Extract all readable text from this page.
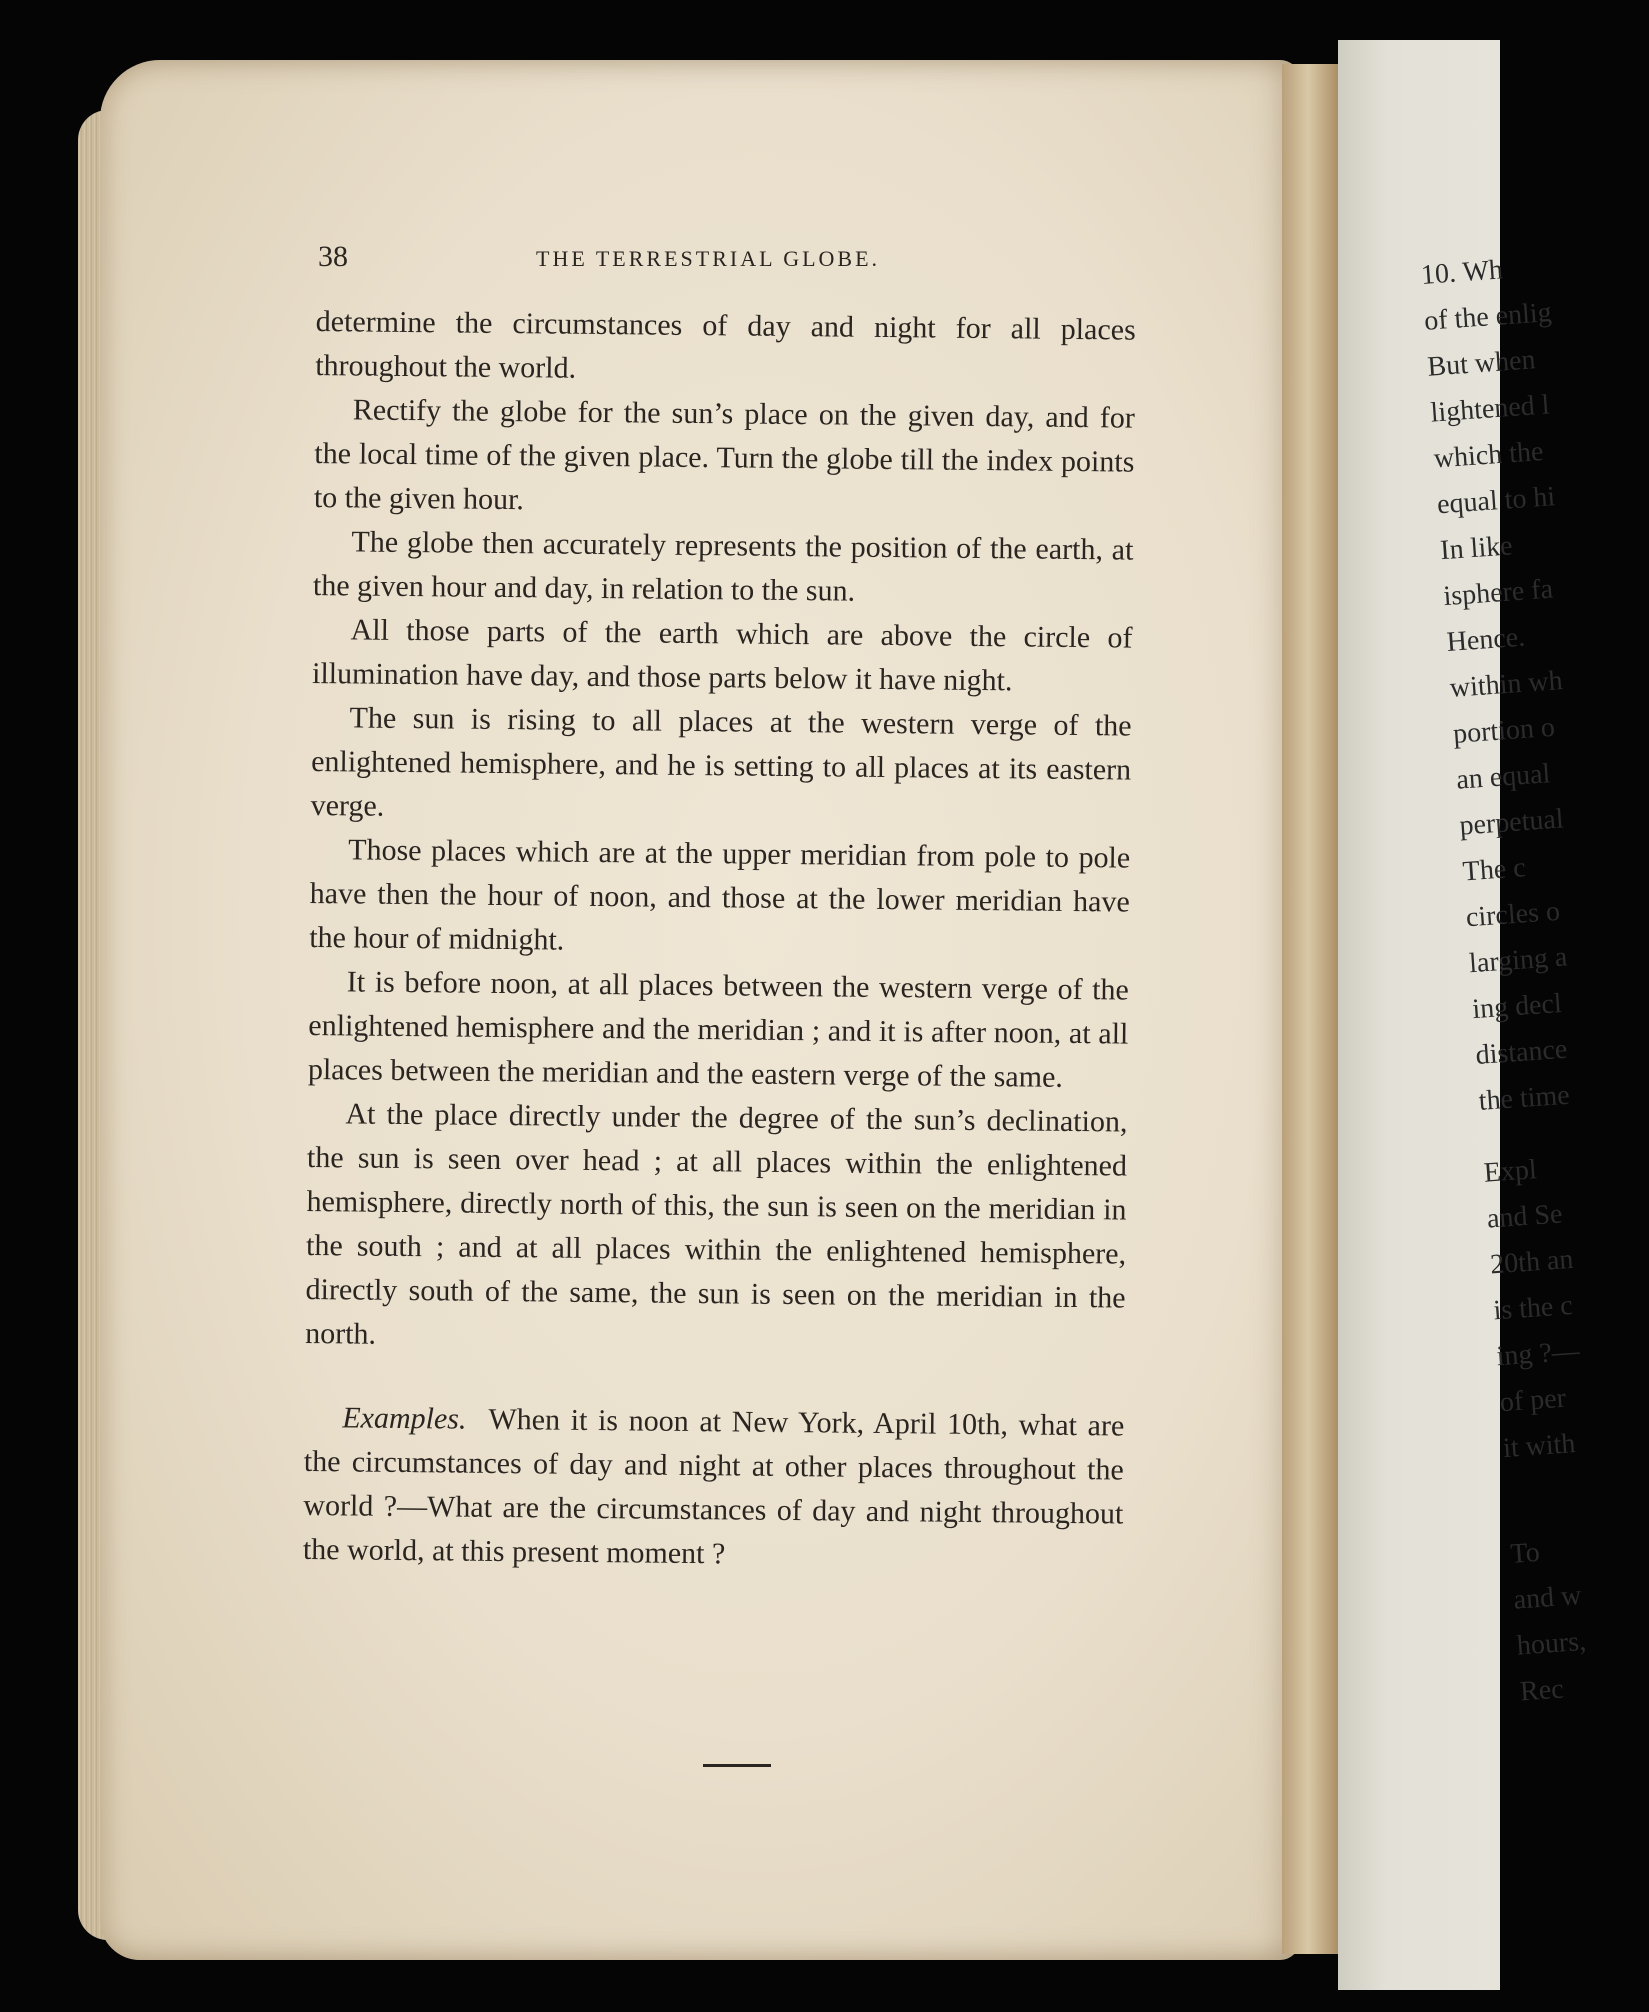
10. Wh
of the enlig
But when
lightened l
which the
equal to hi
In like
isphere fa
Hence.
within wh
portion o
an equal
perpetual
The c
circles o
larging a
ing decl
distance
the time
Expl
and Se
20th an
is the c
ing ?—
of per
it with
To
and w
hours,
Rec
38	THE TERRESTRIAL GLOBE.

determine the circumstances of day and night for all places throughout the world.

Rectify the globe for the sun’s place on the given day, and for the local time of the given place. Turn the globe till the index points to the given hour.

The globe then accurately represents the position of the earth, at the given hour and day, in relation to the sun.

All those parts of the earth which are above the circle of illumination have day, and those parts below it have night.

The sun is rising to all places at the western verge of the enlightened hemisphere, and he is setting to all places at its eastern verge.

Those places which are at the upper meridian from pole to pole have then the hour of noon, and those at the lower meridian have the hour of midnight.

It is before noon, at all places between the western verge of the enlightened hemisphere and the meridian ; and it is after noon, at all places between the meridian and the eastern verge of the same.

At the place directly under the degree of the sun’s declination, the sun is seen over head ; at all places within the enlightened hemisphere, directly north of this, the sun is seen on the meridian in the south ; and at all places within the enlightened hemisphere, directly south of the same, the sun is seen on the meridian in the north.

Examples. When it is noon at New York, April 10th, what are the circumstances of day and night at other places throughout the world ?—What are the circumstances of day and night throughout the world, at this present moment ?
